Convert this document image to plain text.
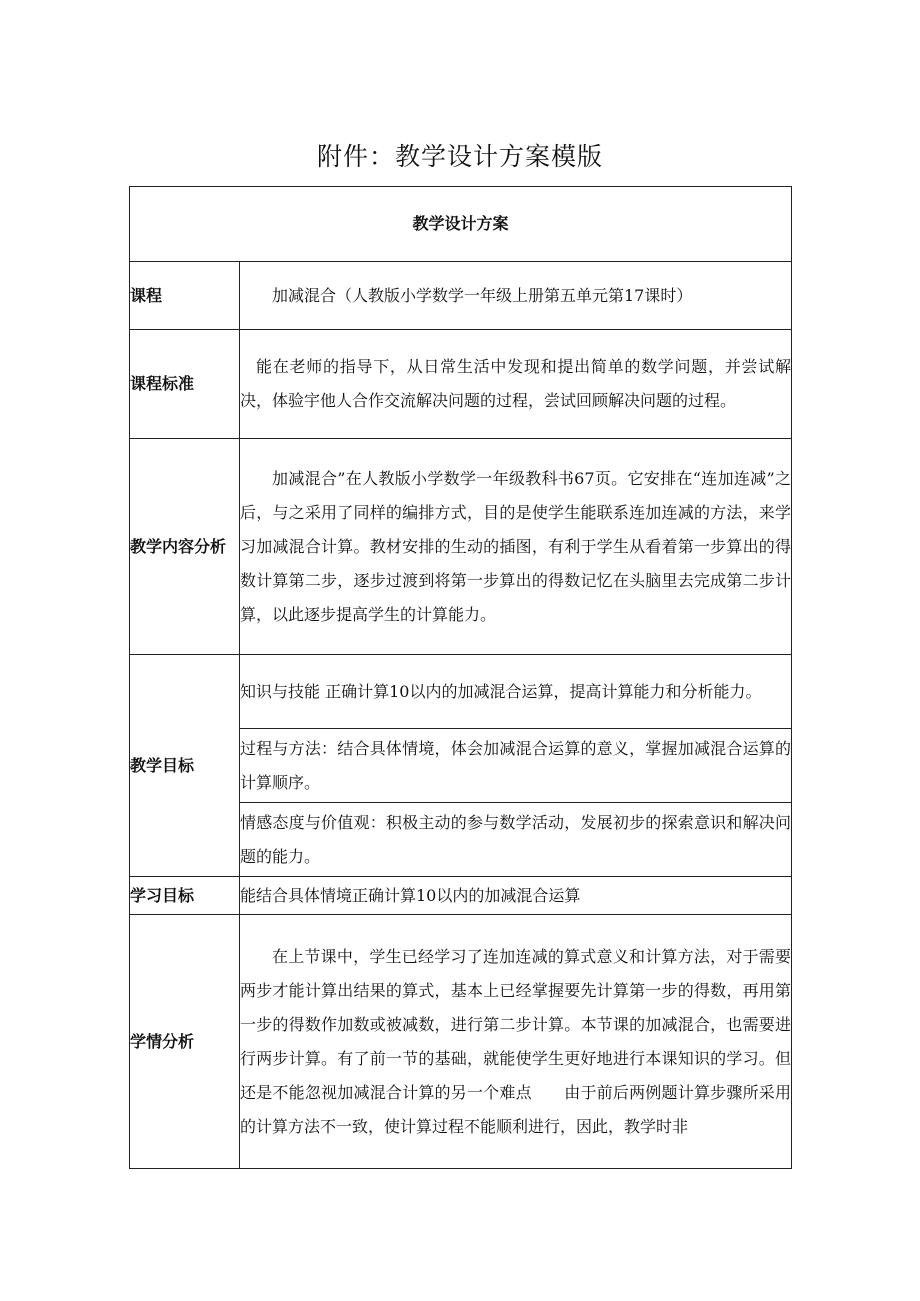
附件：教学设计方案模版
教学设计方案	
课程	加减混合（人教版小学数学一年级上册第五单元第17课时）

课程标准	能在老师的指导下，从日常生活中发现和提出简单的数学问题，并尝试解决，体验宇他人合作交流解决问题的过程，尝试回顾解决问题的过程。

教学内容分析	加减混合”在人教版小学数学一年级教科书67页。它安排在“连加连减”之后，与之采用了同样的编排方式，目的是使学生能联系连加连减的方法，来学习加减混合计算。教材安排的生动的插图，有利于学生从看着第一步算出的得数计算第二步，逐步过渡到将第一步算出的得数记忆在头脑里去完成第二步计算，以此逐步提高学生的计算能力。

教学目标	知识与技能 正确计算10以内的加减混合运算，提高计算能力和分析能力。

	过程与方法：结合具体情境，体会加减混合运算的意义，掌握加减混合运算的计算顺序。

	情感态度与价值观：积极主动的参与数学活动，发展初步的探索意识和解决问题的能力。

学习目标	能结合具体情境正确计算10以内的加减混合运算

学情分析	在上节课中，学生已经学习了连加连减的算式意义和计算方法，对于需要两步才能计算出结果的算式，基本上已经掌握要先计算第一步的得数，再用第一步的得数作加数或被减数，进行第二步计算。本节课的加减混合，也需要进行两步计算。有了前一节的基础，就能使学生更好地进行本课知识的学习。但还是不能忽视加减混合计算的另一个难点　　由于前后两例题计算步骤所采用的计算方法不一致，使计算过程不能顺利进行，因此，教学时非
